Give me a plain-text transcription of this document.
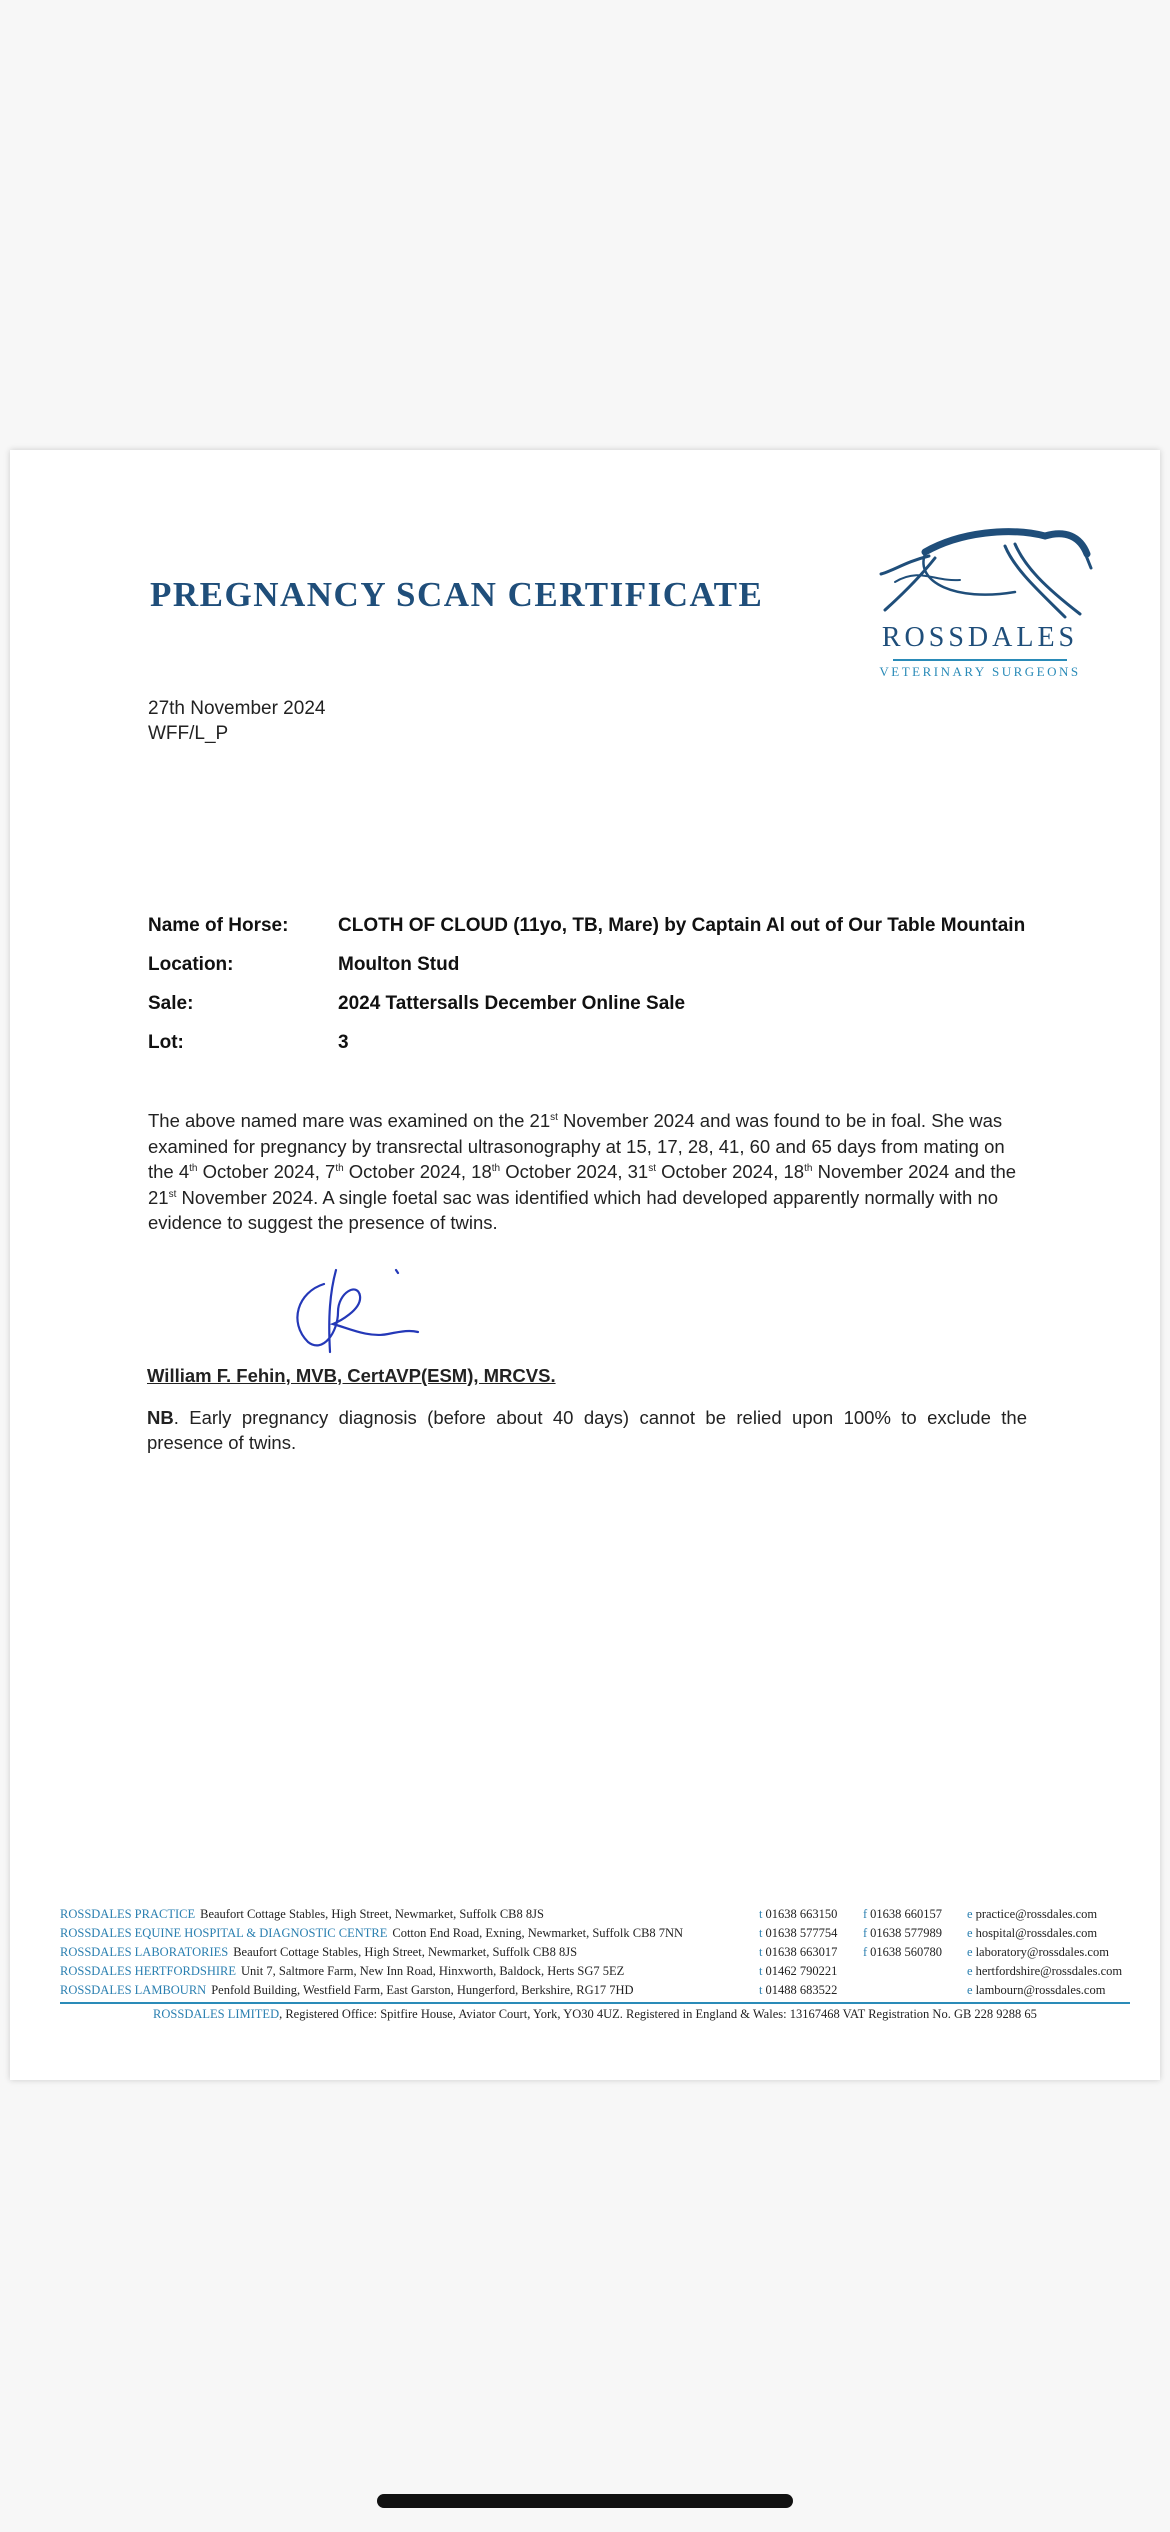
PREGNANCY SCAN CERTIFICATE
ROSSDALES
VETERINARY SURGEONS
27th November 2024
WFF/L_P
Name of Horse:	CLOTH OF CLOUD (11yo, TB, Mare) by Captain Al out of Our Table Mountain
Location:	Moulton Stud
Sale:	2024 Tattersalls December Online Sale
Lot:	3

The above named mare was examined on the 21st November 2024 and was found to be in foal. She was examined for pregnancy by transrectal ultrasonography at 15, 17, 28, 41, 60 and 65 days from mating on the 4th October 2024, 7th October 2024, 18th October 2024, 31st October 2024, 18th November 2024 and the 21st November 2024. A single foetal sac was identified which had developed apparently normally with no evidence to suggest the presence of twins.

William F. Fehin, MVB, CertAVP(ESM), MRCVS.
NB. Early pregnancy diagnosis (before about 40 days) cannot be relied upon 100% to exclude the presence of twins.
ROSSDALES PRACTICE Beaufort Cottage Stables, High Street, Newmarket, Suffolk CB8 8JS	t 01638 663150	f 01638 660157	e practice@rossdales.com
ROSSDALES EQUINE HOSPITAL & DIAGNOSTIC CENTRE Cotton End Road, Exning, Newmarket, Suffolk CB8 7NN	t 01638 577754	f 01638 577989	e hospital@rossdales.com
ROSSDALES LABORATORIES Beaufort Cottage Stables, High Street, Newmarket, Suffolk CB8 8JS	t 01638 663017	f 01638 560780	e laboratory@rossdales.com
ROSSDALES HERTFORDSHIRE Unit 7, Saltmore Farm, New Inn Road, Hinxworth, Baldock, Herts SG7 5EZ	t 01462 790221	e hertfordshire@rossdales.com
ROSSDALES LAMBOURN Penfold Building, Westfield Farm, East Garston, Hungerford, Berkshire, RG17 7HD	t 01488 683522	e lambourn@rossdales.com
ROSSDALES LIMITED, Registered Office: Spitfire House, Aviator Court, York, YO30 4UZ. Registered in England & Wales: 13167468 VAT Registration No. GB 228 9288 65
